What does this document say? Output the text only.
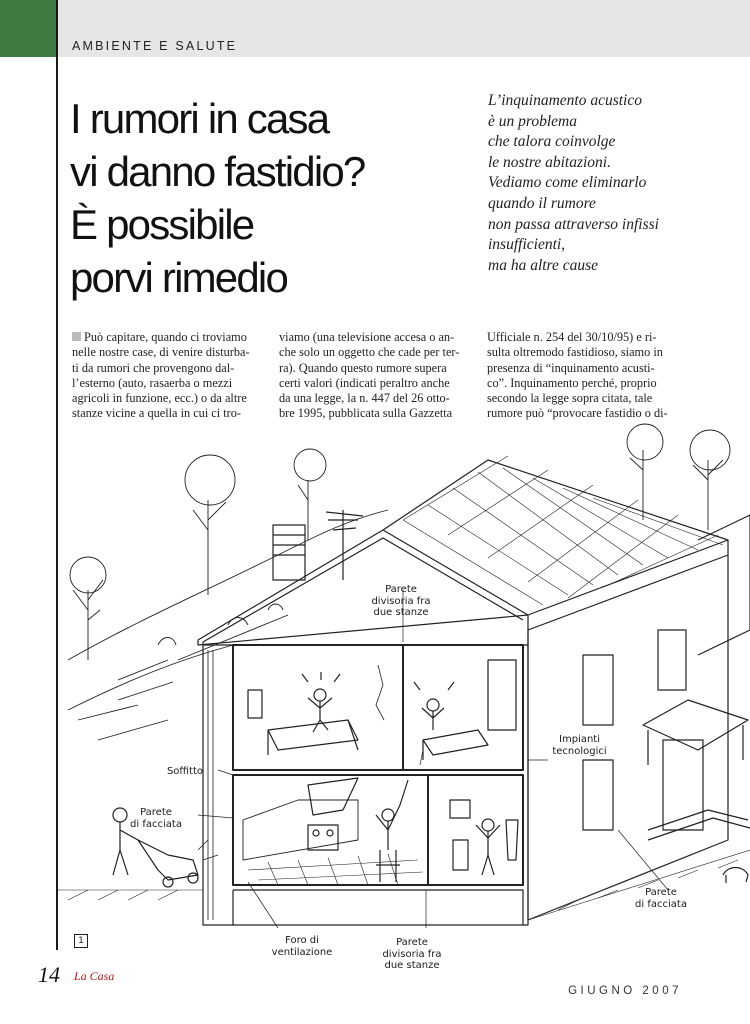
AMBIENTE E SALUTE
I rumori in casa
vi danno fastidio?
È possibile
porvi rimedio
L’inquinamento acustico
è un problema
che talora coinvolge
le nostre abitazioni.
Vediamo come eliminarlo
quando il rumore
non passa attraverso infissi
insufficienti,
ma ha altre cause
Può capitare, quando ci troviamo
nelle nostre case, di venire disturba-
ti da rumori che provengono dal-
l’esterno (auto, rasaerba o mezzi
agricoli in funzione, ecc.) o da altre
stanze vicine a quella in cui ci tro-
viamo (una televisione accesa o an-
che solo un oggetto che cade per ter-
ra). Quando questo rumore supera
certi valori (indicati peraltro anche
da una legge, la n. 447 del 26 otto-
bre 1995, pubblicata sulla Gazzetta
Ufficiale n. 254 del 30/10/95) e ri-
sulta oltremodo fastidioso, siamo in
presenza di “inquinamento acusti-
co”. Inquinamento perché, proprio
secondo la legge sopra citata, tale
rumore può “provocare fastidio o di-
Parete
divisoria fra
due stanze
Impianti
tecnologici
Soffitto
Parete
di facciata
Parete
di facciata
Foro di
ventilazione
Parete
divisoria fra
due stanze
1
14 La Casa
GIUGNO 2007
